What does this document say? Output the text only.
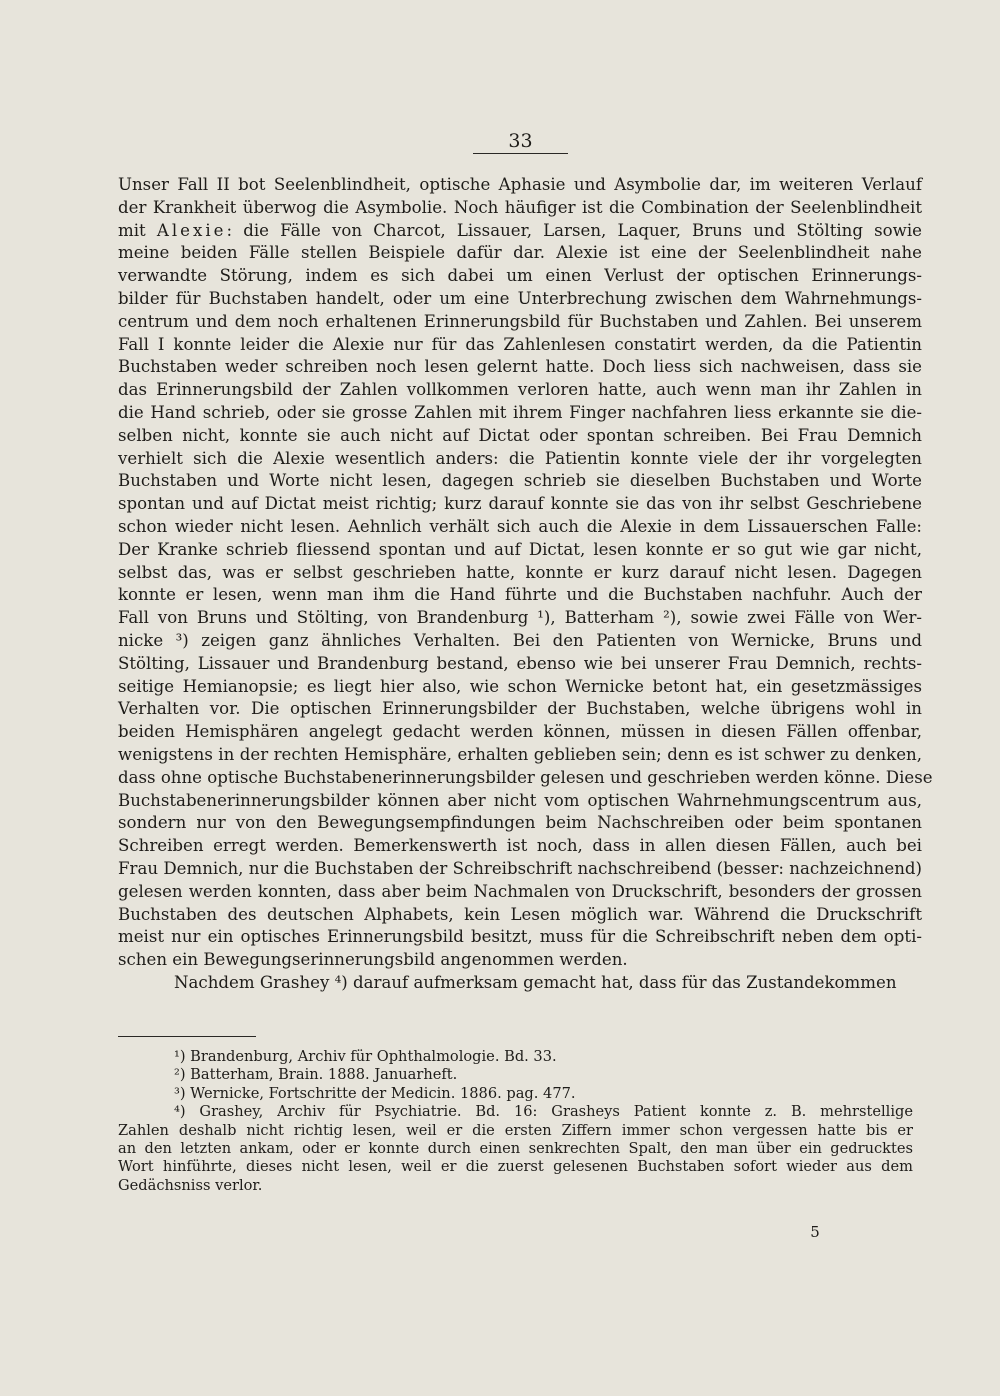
33
Unser Fall II bot Seelenblindheit, optische Aphasie und Asymbolie dar, im weiteren Verlauf
der Krankheit überwog die Asymbolie. Noch häufiger ist die Combination der Seelenblindheit
mit Alexie: die Fälle von Charcot, Lissauer, Larsen, Laquer, Bruns und Stölting sowie
meine beiden Fälle stellen Beispiele dafür dar. Alexie ist eine der Seelenblindheit nahe
verwandte Störung, indem es sich dabei um einen Verlust der optischen Erinnerungs-
bilder für Buchstaben handelt, oder um eine Unterbrechung zwischen dem Wahrnehmungs-
centrum und dem noch erhaltenen Erinnerungsbild für Buchstaben und Zahlen. Bei unserem
Fall I konnte leider die Alexie nur für das Zahlenlesen constatirt werden, da die Patientin
Buchstaben weder schreiben noch lesen gelernt hatte. Doch liess sich nachweisen, dass sie
das Erinnerungsbild der Zahlen vollkommen verloren hatte, auch wenn man ihr Zahlen in
die Hand schrieb, oder sie grosse Zahlen mit ihrem Finger nachfahren liess erkannte sie die-
selben nicht, konnte sie auch nicht auf Dictat oder spontan schreiben. Bei Frau Demnich
verhielt sich die Alexie wesentlich anders: die Patientin konnte viele der ihr vorgelegten
Buchstaben und Worte nicht lesen, dagegen schrieb sie dieselben Buchstaben und Worte
spontan und auf Dictat meist richtig; kurz darauf konnte sie das von ihr selbst Geschriebene
schon wieder nicht lesen. Aehnlich verhält sich auch die Alexie in dem Lissauerschen Falle:
Der Kranke schrieb fliessend spontan und auf Dictat, lesen konnte er so gut wie gar nicht,
selbst das, was er selbst geschrieben hatte, konnte er kurz darauf nicht lesen. Dagegen
konnte er lesen, wenn man ihm die Hand führte und die Buchstaben nachfuhr. Auch der
Fall von Bruns und Stölting, von Brandenburg ¹), Batterham ²), sowie zwei Fälle von Wer-
nicke ³) zeigen ganz ähnliches Verhalten. Bei den Patienten von Wernicke, Bruns und
Stölting, Lissauer und Brandenburg bestand, ebenso wie bei unserer Frau Demnich, rechts-
seitige Hemianopsie; es liegt hier also, wie schon Wernicke betont hat, ein gesetzmässiges
Verhalten vor. Die optischen Erinnerungsbilder der Buchstaben, welche übrigens wohl in
beiden Hemisphären angelegt gedacht werden können, müssen in diesen Fällen offenbar,
wenigstens in der rechten Hemisphäre, erhalten geblieben sein; denn es ist schwer zu denken,
dass ohne optische Buchstabenerinnerungsbilder gelesen und geschrieben werden könne. Diese
Buchstabenerinnerungsbilder können aber nicht vom optischen Wahrnehmungscentrum aus,
sondern nur von den Bewegungsempfindungen beim Nachschreiben oder beim spontanen
Schreiben erregt werden. Bemerkenswerth ist noch, dass in allen diesen Fällen, auch bei
Frau Demnich, nur die Buchstaben der Schreibschrift nachschreibend (besser: nachzeichnend)
gelesen werden konnten, dass aber beim Nachmalen von Druckschrift, besonders der grossen
Buchstaben des deutschen Alphabets, kein Lesen möglich war. Während die Druckschrift
meist nur ein optisches Erinnerungsbild besitzt, muss für die Schreibschrift neben dem opti-
schen ein Bewegungserinnerungsbild angenommen werden.
Nachdem Grashey ⁴) darauf aufmerksam gemacht hat, dass für das Zustandekommen
¹) Brandenburg, Archiv für Ophthalmologie. Bd. 33.
²) Batterham, Brain. 1888. Januarheft.
³) Wernicke, Fortschritte der Medicin. 1886. pag. 477.
⁴) Grashey, Archiv für Psychiatrie. Bd. 16: Grasheys Patient konnte z. B. mehrstellige
Zahlen deshalb nicht richtig lesen, weil er die ersten Ziffern immer schon vergessen hatte bis er
an den letzten ankam, oder er konnte durch einen senkrechten Spalt, den man über ein gedrucktes
Wort hinführte, dieses nicht lesen, weil er die zuerst gelesenen Buchstaben sofort wieder aus dem
Gedächsniss verlor.
5
